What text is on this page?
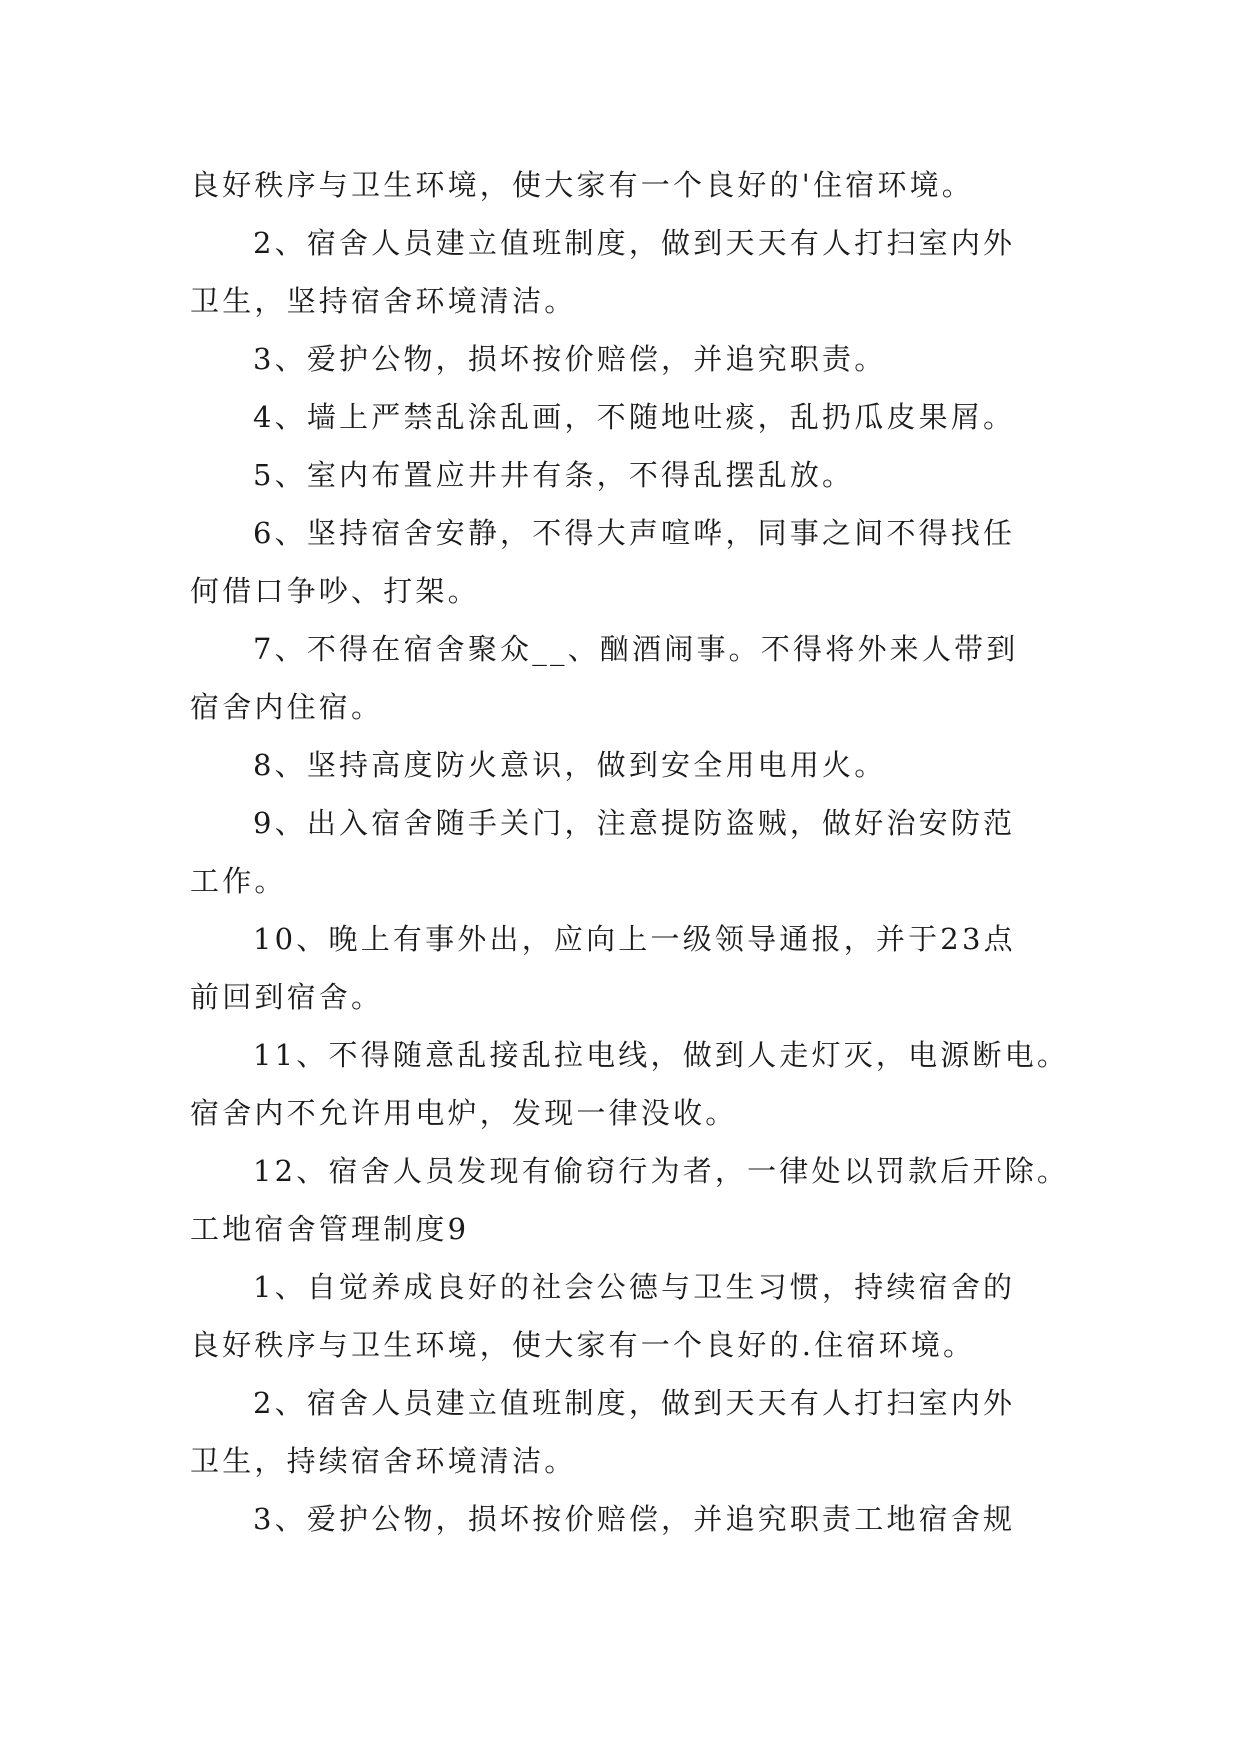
良好秩序与卫生环境，使大家有一个良好的'住宿环境。
2、宿舍人员建立值班制度，做到天天有人打扫室内外
卫生，坚持宿舍环境清洁。
3、爱护公物，损坏按价赔偿，并追究职责。
4、墙上严禁乱涂乱画，不随地吐痰，乱扔瓜皮果屑。
5、室内布置应井井有条，不得乱摆乱放。
6、坚持宿舍安静，不得大声喧哗，同事之间不得找任
何借口争吵、打架。
7、不得在宿舍聚众__、酗酒闹事。不得将外来人带到
宿舍内住宿。
8、坚持高度防火意识，做到安全用电用火。
9、出入宿舍随手关门，注意提防盗贼，做好治安防范
工作。
10、晚上有事外出，应向上一级领导通报，并于23点
前回到宿舍。
11、不得随意乱接乱拉电线，做到人走灯灭，电源断电。
宿舍内不允许用电炉，发现一律没收。
12、宿舍人员发现有偷窃行为者，一律处以罚款后开除。
工地宿舍管理制度9
1、自觉养成良好的社会公德与卫生习惯，持续宿舍的
良好秩序与卫生环境，使大家有一个良好的.住宿环境。
2、宿舍人员建立值班制度，做到天天有人打扫室内外
卫生，持续宿舍环境清洁。
3、爱护公物，损坏按价赔偿，并追究职责工地宿舍规
